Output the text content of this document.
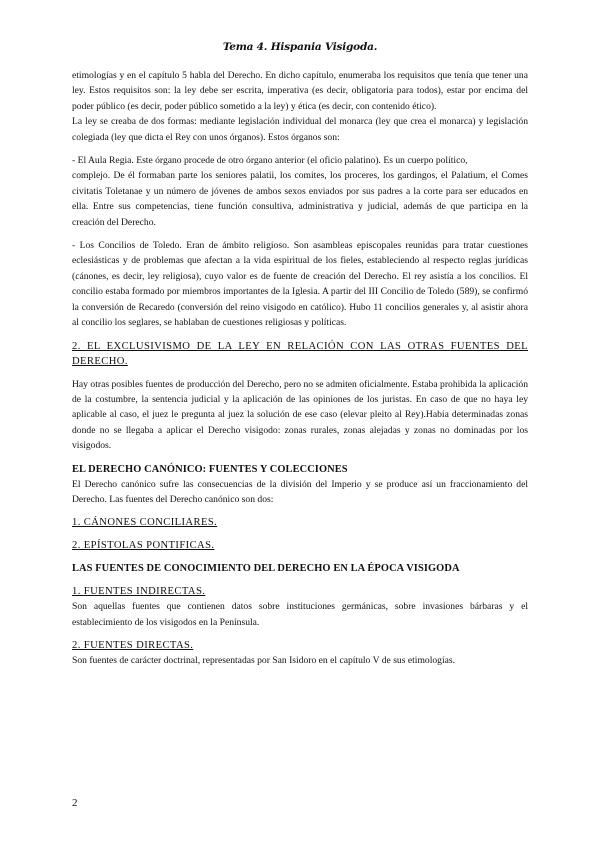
Tema 4. Hispania Visigoda.

etimologías y en el capítulo 5 habla del Derecho. En dicho capítulo, enumeraba los requisitos que tenía que tener una ley. Estos requisitos son: la ley debe ser escrita, imperativa (es decir, obligatoria para todos), estar por encima del poder público (es decir, poder público sometido a la ley) y ética (es decir, con contenido ético).

La ley se creaba de dos formas: mediante legislación individual del monarca (ley que crea el monarca) y legislación colegiada (ley que dicta el Rey con unos órganos). Estos órganos son:

- El Aula Regia. Este órgano procede de otro órgano anterior (el oficio palatino). Es un cuerpo político,

complejo. De él formaban parte los seniores palatii, los comites, los proceres, los gardingos, el Palatium, el Comes civitatis Toletanae y un número de jóvenes de ambos sexos enviados por sus padres a la corte para ser educados en ella. Entre sus competencias, tiene función consultiva, administrativa y judicial, además de que participa en la creación del Derecho.

- Los Concilios de Toledo. Eran de ámbito religioso. Son asambleas episcopales reunidas para tratar cuestiones eclesiásticas y de problemas que afectan a la vida espiritual de los fieles, estableciendo al respecto reglas jurídicas (cánones, es decir, ley religiosa), cuyo valor es de fuente de creación del Derecho. El rey asistía a los concilios. El concilio estaba formado por miembros importantes de la Iglesia. A partir del III Concilio de Toledo (589), se confirmó la conversión de Recaredo (conversión del reino visigodo en católico). Hubo 11 concilios generales y, al asistir ahora al concilio los seglares, se hablaban de cuestiones religiosas y políticas.

2. EL EXCLUSIVISMO DE LA LEY EN RELACIÓN CON LAS OTRAS FUENTES DEL DERECHO.

Hay otras posibles fuentes de producción del Derecho, pero no se admiten oficialmente. Estaba prohibida la aplicación de la costumbre, la sentencia judicial y la aplicación de las opiniones de los juristas. En caso de que no haya ley aplicable al caso, el juez le pregunta al juez la solución de ese caso (elevar pleito al Rey).Había determinadas zonas donde no se llegaba a aplicar el Derecho visigodo: zonas rurales, zonas alejadas y zonas no dominadas por los visigodos.

EL DERECHO CANÓNICO: FUENTES Y COLECCIONES

El Derecho canónico sufre las consecuencias de la división del Imperio y se produce así un fraccionamiento del Derecho. Las fuentes del Derecho canónico son dos:

1. CÁNONES CONCILIARES.

2. EPÍSTOLAS PONTIFICAS.

LAS FUENTES DE CONOCIMIENTO DEL DERECHO EN LA ÉPOCA VISIGODA

1. FUENTES INDIRECTAS.

Son aquellas fuentes que contienen datos sobre instituciones germánicas, sobre invasiones bárbaras y el establecimiento de los visigodos en la Península.

2. FUENTES DIRECTAS.

Son fuentes de carácter doctrinal, representadas por San Isidoro en el capítulo V de sus etimologías.

2
